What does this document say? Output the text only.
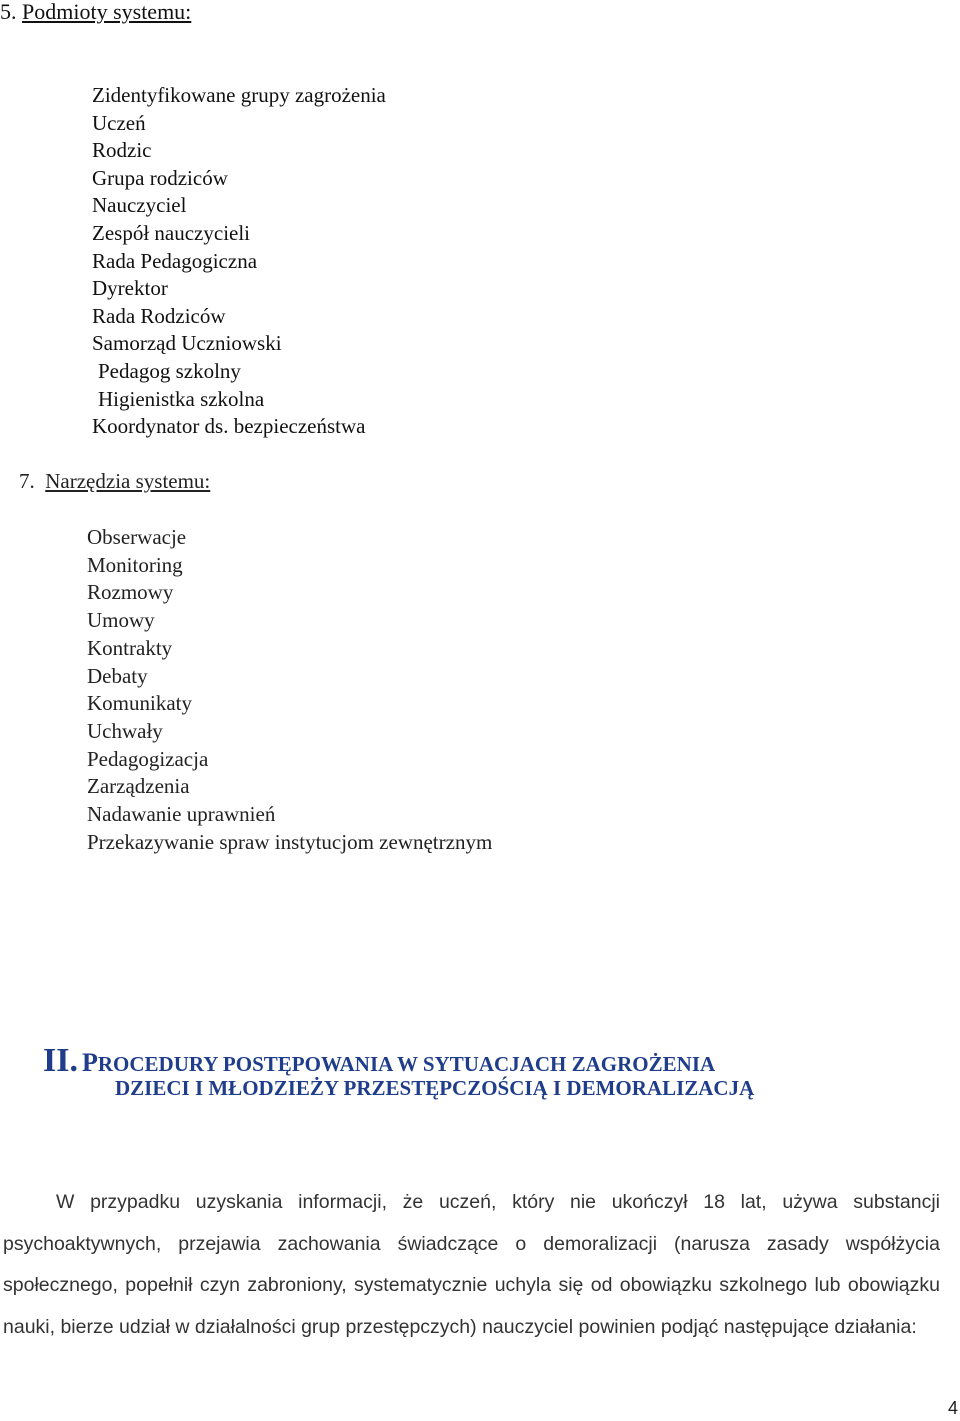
5. Podmioty systemu:
Zidentyfikowane grupy zagrożenia
Uczeń
Rodzic
Grupa rodziców
Nauczyciel
Zespół nauczycieli
Rada Pedagogiczna
Dyrektor
Rada Rodziców
Samorząd Uczniowski
Pedagog szkolny
Higienistka szkolna
Koordynator ds. bezpieczeństwa
7. Narzędzia systemu:
Obserwacje
Monitoring
Rozmowy
Umowy
Kontrakty
Debaty
Komunikaty
Uchwały
Pedagogizacja
Zarządzenia
Nadawanie uprawnień
Przekazywanie spraw instytucjom zewnętrznym
II. PROCEDURY POSTĘPOWANIA W SYTUACJACH ZAGROŻENIA
DZIECI I MŁODZIEŻY PRZESTĘPCZOŚCIĄ I DEMORALIZACJĄ

W przypadku uzyskania informacji, że uczeń, który nie ukończył 18 lat, używa substancji psychoaktywnych, przejawia zachowania świadczące o demoralizacji (narusza zasady współżycia społecznego, popełnił czyn zabroniony, systematycznie uchyla się od obowiązku szkolnego lub obowiązku nauki, bierze udział w działalności grup przestępczych) nauczyciel powinien podjąć następujące działania:

4
